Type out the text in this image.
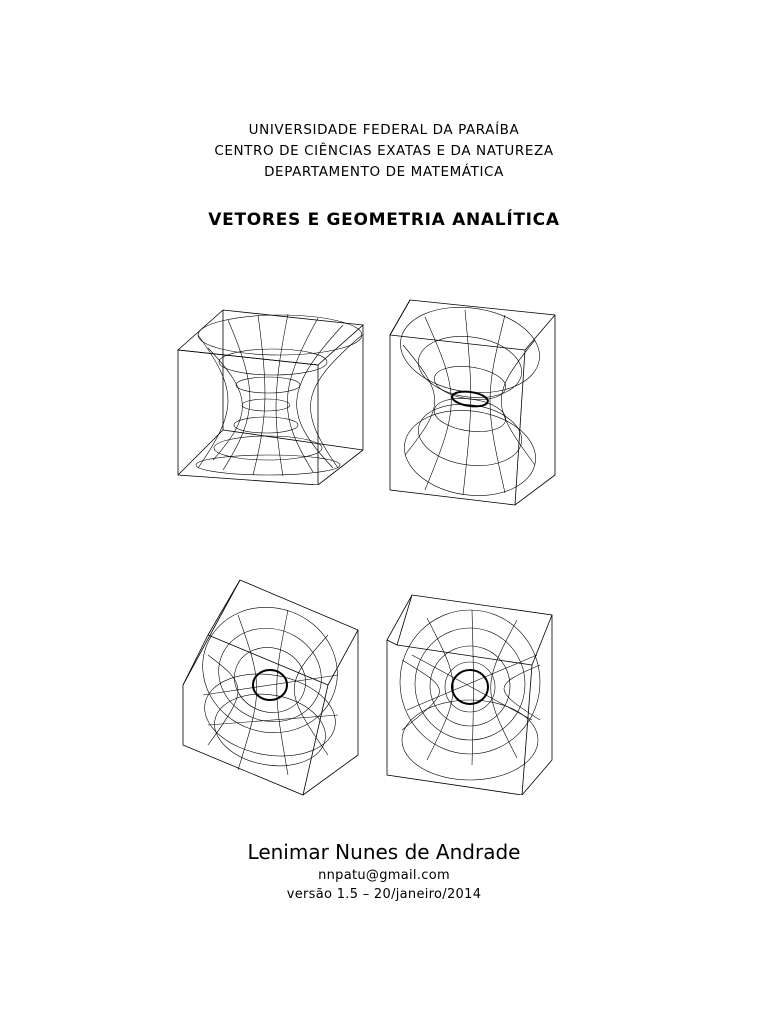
UNIVERSIDADE FEDERAL DA PARAÍBA
CENTRO DE CIÊNCIAS EXATAS E DA NATUREZA
DEPARTAMENTO DE MATEMÁTICA
VETORES E GEOMETRIA ANALÍTICA
Lenimar Nunes de Andrade
nnpatu@gmail.com
versão 1.5 – 20/janeiro/2014
